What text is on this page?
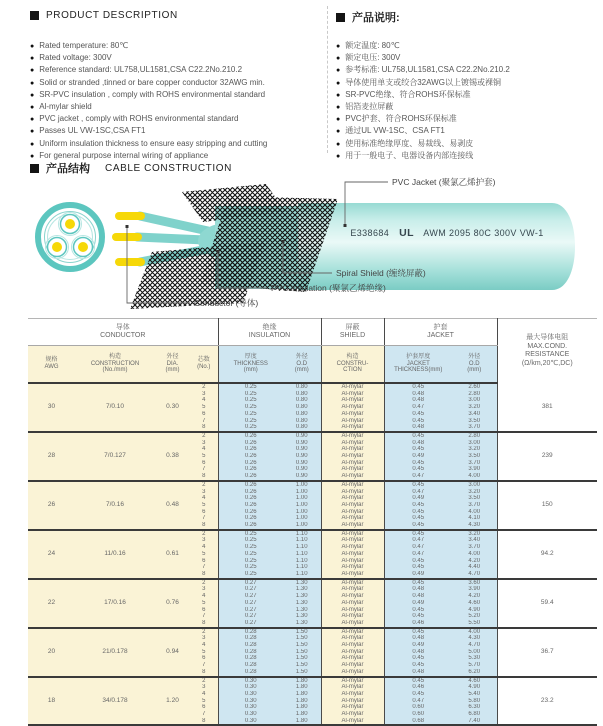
PRODUCT DESCRIPTION
● Rated temperature: 80℃
● Rated voltage: 300V
● Reference standard: UL758,UL1581,CSA C22.2No.210.2
● Solid or stranded ,tinned or bare copper conductor 32AWG min.
● SR-PVC insulation , comply with ROHS environmental standard
● Al-mylar shield
● PVC jacket , comply with ROHS environmental standard
● Passes UL VW-1SC,CSA FT1
● Uniform insulation thickness to ensure easy stripping and cutting
● For general purpose internal wiring of appliance
产品说明:
● 额定温度: 80℃
● 额定电压: 300V
● 参考标准: UL758,UL1581,CSA C22.2No.210.2
● 导体使用单支或绞合32AWG以上镀锡或裸铜
● SR-PVC绝缘、符合ROHS环保标准
● 铝箔麦拉屏蔽
● PVC护套、符合ROHS环保标准
● 通过UL VW-1SC、CSA FT1
● 使用标准绝缘厚度、易裁线、易剥皮
● 用于一般电子、电器设备内部连接线
产品结构 CABLE CONSTRUCTION
E338684 UL AWM 2095 80C 300V VW-1
PVC Jacket (聚氯乙烯护套)
Spiral Shield (缠绕屏蔽)
PVC insulation (聚氯乙烯绝缘)
Conductor (导体)
导体
CONDUCTOR

绝缘
INSULATION

屏蔽
SHIELD

护套
JACKET	最大导体电阻
MAX.COND.
RESISTANCE
(Ω/km,20℃,DC)

规格
AWG

构造
CONSTRUCTION
(No./mm)

外径
DIA.
(mm)

芯数
(No.)

厚度
THICKNESS
(mm)

外径
O.D
(mm)

构造
CONSTRU-
CTION

护套厚度
JACKET
THICKNESS(mm)

外径
O.D
(mm)

30	7/0.10	0.30	2	0.25	0.80	Al-mylar	0.45	2.60	381
			3	0.25	0.80	Al-mylar	0.48	2.80	
			4	0.25	0.80	Al-mylar	0.48	3.00	
			5	0.25	0.80	Al-mylar	0.47	3.20	
			6	0.25	0.80	Al-mylar	0.45	3.40	
			7	0.25	0.80	Al-mylar	0.45	3.50	
			8	0.25	0.80	Al-mylar	0.48	3.70	
28	7/0.127	0.38	2	0.26	0.90	Al-mylar	0.45	2.80	239
			3	0.26	0.90	Al-mylar	0.48	3.00	
			4	0.26	0.90	Al-mylar	0.45	3.20	
			5	0.26	0.90	Al-mylar	0.49	3.50	
			6	0.26	0.90	Al-mylar	0.45	3.70	
			7	0.26	0.90	Al-mylar	0.45	3.90	
			8	0.26	0.90	Al-mylar	0.47	4.00	
26	7/0.16	0.48	2	0.26	1.00	Al-mylar	0.45	3.00	150
			3	0.26	1.00	Al-mylar	0.47	3.20	
			4	0.26	1.00	Al-mylar	0.49	3.50	
			5	0.26	1.00	Al-mylar	0.45	3.70	
			6	0.26	1.00	Al-mylar	0.45	4.00	
			7	0.26	1.00	Al-mylar	0.45	4.10	
			8	0.26	1.00	Al-mylar	0.45	4.30	
24	11/0.16	0.61	2	0.25	1.10	Al-mylar	0.45	3.20	94.2
			3	0.25	1.10	Al-mylar	0.47	3.40	
			4	0.25	1.10	Al-mylar	0.47	3.70	
			5	0.25	1.10	Al-mylar	0.47	4.00	
			6	0.25	1.10	Al-mylar	0.45	4.20	
			7	0.25	1.10	Al-mylar	0.45	4.40	
			8	0.25	1.10	Al-mylar	0.49	4.70	
22	17/0.16	0.76	2	0.27	1.30	Al-mylar	0.45	3.60	59.4
			3	0.27	1.30	Al-mylar	0.48	3.90	
			4	0.27	1.30	Al-mylar	0.48	4.20	
			5	0.27	1.30	Al-mylar	0.49	4.60	
			6	0.27	1.30	Al-mylar	0.45	4.90	
			7	0.27	1.30	Al-mylar	0.45	5.20	
			8	0.27	1.30	Al-mylar	0.46	5.50	
20	21/0.178	0.94	2	0.28	1.50	Al-mylar	0.45	4.00	36.7
			3	0.28	1.50	Al-mylar	0.48	4.30	
			4	0.28	1.50	Al-mylar	0.49	4.70	
			5	0.28	1.50	Al-mylar	0.48	5.00	
			6	0.28	1.50	Al-mylar	0.45	5.30	
			7	0.28	1.50	Al-mylar	0.45	5.70	
			8	0.28	1.50	Al-mylar	0.48	6.20	
18	34/0.178	1.20	2	0.30	1.80	Al-mylar	0.45	4.60	23.2
			3	0.30	1.80	Al-mylar	0.46	4.90	
			4	0.30	1.80	Al-mylar	0.45	5.40	
			5	0.30	1.80	Al-mylar	0.47	5.80	
			6	0.30	1.80	Al-mylar	0.60	6.30	
			7	0.30	1.80	Al-mylar	0.60	6.80	
			8	0.30	1.80	Al-mylar	0.68	7.40	
